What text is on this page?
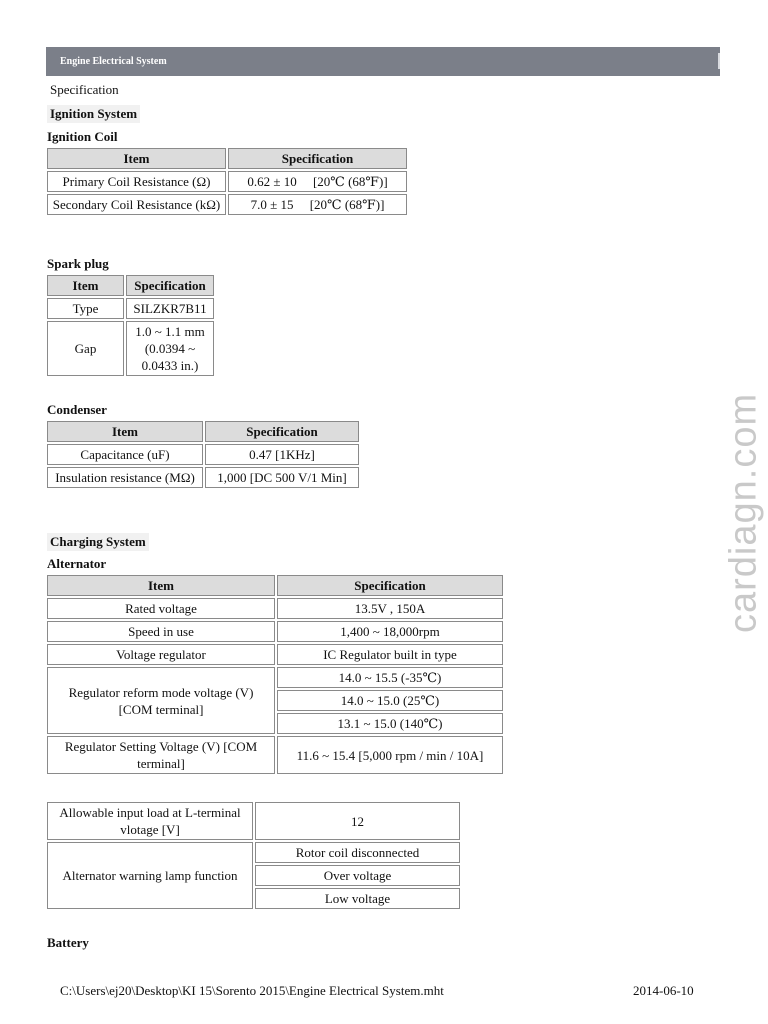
Engine Electrical System
Specification
Ignition System
Ignition Coil
Item	Specification
Primary Coil Resistance (Ω)	0.62 ± 10     [20℃ (68℉)]
Secondary Coil Resistance (kΩ)	7.0 ± 15     [20℃ (68℉)]
Spark plug
Item	Specification
Type	SILZKR7B11
Gap	1.0 ~ 1.1 mm (0.0394 ~ 0.0433 in.)
Condenser
Item	Specification
Capacitance (uF)	0.47 [1KHz]
Insulation resistance (MΩ)	1,000 [DC 500 V/1 Min]
Charging System
Alternator
Item	Specification
Rated voltage	13.5V , 150A
Speed in use	1,400 ~ 18,000rpm
Voltage regulator	IC Regulator built in type
Regulator reform mode voltage (V) [COM terminal]	14.0 ~ 15.5 (-35℃)
	14.0 ~ 15.0 (25℃)
	13.1 ~ 15.0 (140℃)
Regulator Setting Voltage (V) [COM terminal]	11.6 ~ 15.4 [5,000 rpm / min / 10A]
Allowable input load at L-terminal vlotage [V]	12
Alternator warning lamp function	Rotor coil disconnected
	Over voltage
	Low voltage
Battery
cardiagn.com
C:\Users\ej20\Desktop\KI 15\Sorento 2015\Engine Electrical System.mht	2014-06-10
